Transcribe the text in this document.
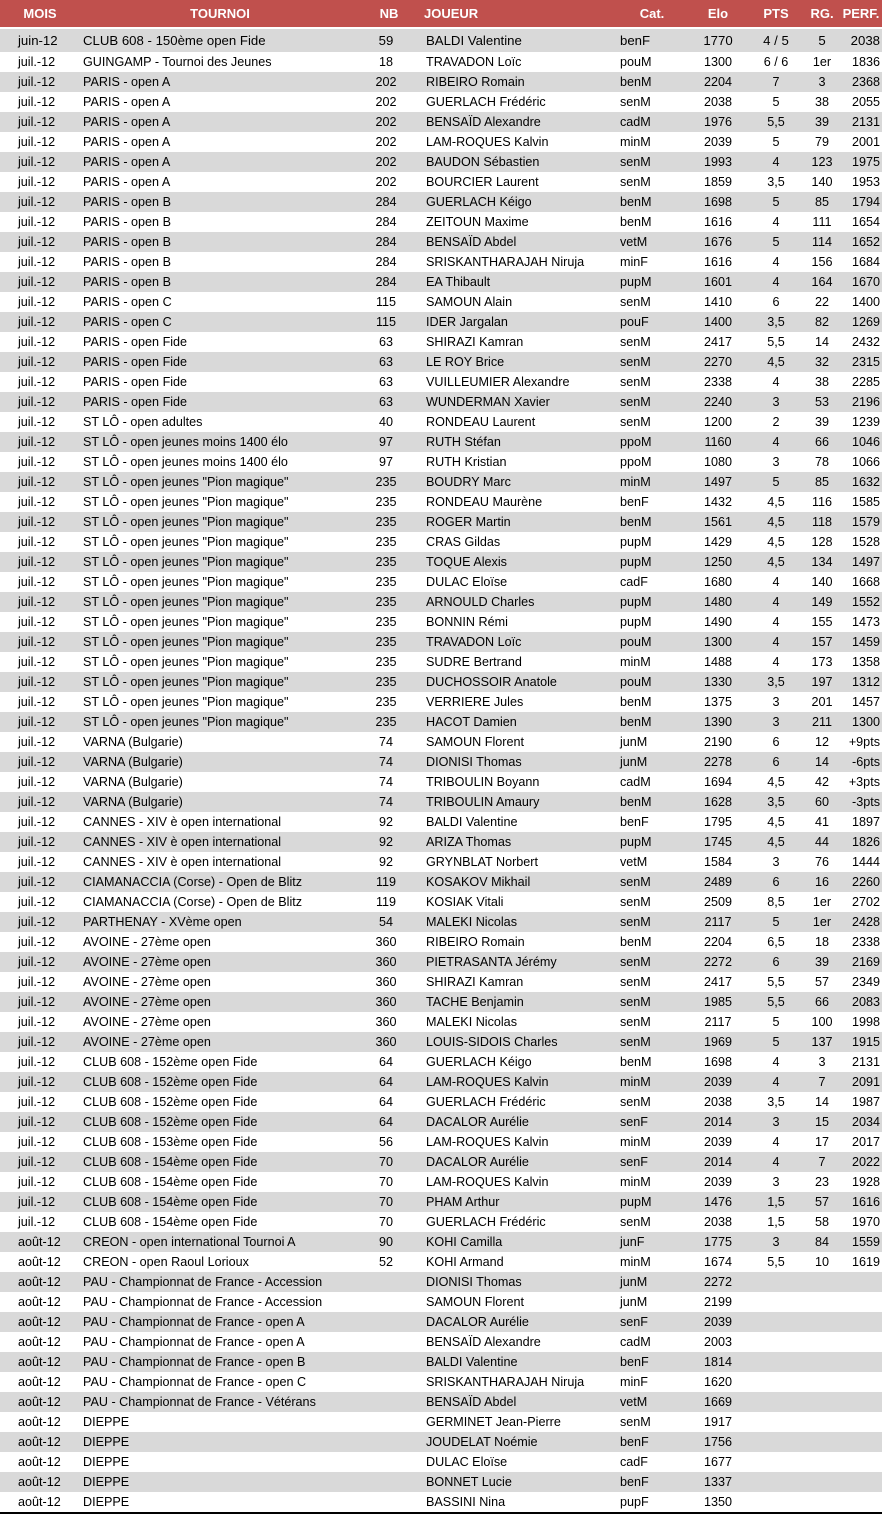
MOIS	TOURNOI	NB	JOUEUR	Cat.	Elo	PTS	RG.	PERF.
juin-12	CLUB 608 - 150ème open Fide	59	BALDI Valentine	benF	1770	4 / 5	5	2038
juil.-12	GUINGAMP - Tournoi des Jeunes	18	TRAVADON Loïc	pouM	1300	6 / 6	1er	1836
juil.-12	PARIS - open A	202	RIBEIRO Romain	benM	2204	7	3	2368
juil.-12	PARIS - open A	202	GUERLACH Frédéric	senM	2038	5	38	2055
juil.-12	PARIS - open A	202	BENSAÏD Alexandre	cadM	1976	5,5	39	2131
juil.-12	PARIS - open A	202	LAM-ROQUES Kalvin	minM	2039	5	79	2001
juil.-12	PARIS - open A	202	BAUDON Sébastien	senM	1993	4	123	1975
juil.-12	PARIS - open A	202	BOURCIER Laurent	senM	1859	3,5	140	1953
juil.-12	PARIS - open B	284	GUERLACH Kéigo	benM	1698	5	85	1794
juil.-12	PARIS - open B	284	ZEITOUN Maxime	benM	1616	4	111	1654
juil.-12	PARIS - open B	284	BENSAÏD Abdel	vetM	1676	5	114	1652
juil.-12	PARIS - open B	284	SRISKANTHARAJAH Niruja	minF	1616	4	156	1684
juil.-12	PARIS - open B	284	EA Thibault	pupM	1601	4	164	1670
juil.-12	PARIS - open C	115	SAMOUN Alain	senM	1410	6	22	1400
juil.-12	PARIS - open C	115	IDER Jargalan	pouF	1400	3,5	82	1269
juil.-12	PARIS - open Fide	63	SHIRAZI Kamran	senM	2417	5,5	14	2432
juil.-12	PARIS - open Fide	63	LE ROY Brice	senM	2270	4,5	32	2315
juil.-12	PARIS - open Fide	63	VUILLEUMIER Alexandre	senM	2338	4	38	2285
juil.-12	PARIS - open Fide	63	WUNDERMAN Xavier	senM	2240	3	53	2196
juil.-12	ST LÔ - open adultes	40	RONDEAU Laurent	senM	1200	2	39	1239
juil.-12	ST LÔ - open jeunes moins 1400 élo	97	RUTH Stéfan	ppoM	1160	4	66	1046
juil.-12	ST LÔ - open jeunes moins 1400 élo	97	RUTH Kristian	ppoM	1080	3	78	1066
juil.-12	ST LÔ - open jeunes "Pion magique"	235	BOUDRY Marc	minM	1497	5	85	1632
juil.-12	ST LÔ - open jeunes "Pion magique"	235	RONDEAU Maurène	benF	1432	4,5	116	1585
juil.-12	ST LÔ - open jeunes "Pion magique"	235	ROGER Martin	benM	1561	4,5	118	1579
juil.-12	ST LÔ - open jeunes "Pion magique"	235	CRAS Gildas	pupM	1429	4,5	128	1528
juil.-12	ST LÔ - open jeunes "Pion magique"	235	TOQUE Alexis	pupM	1250	4,5	134	1497
juil.-12	ST LÔ - open jeunes "Pion magique"	235	DULAC Eloïse	cadF	1680	4	140	1668
juil.-12	ST LÔ - open jeunes "Pion magique"	235	ARNOULD Charles	pupM	1480	4	149	1552
juil.-12	ST LÔ - open jeunes "Pion magique"	235	BONNIN Rémi	pupM	1490	4	155	1473
juil.-12	ST LÔ - open jeunes "Pion magique"	235	TRAVADON Loïc	pouM	1300	4	157	1459
juil.-12	ST LÔ - open jeunes "Pion magique"	235	SUDRE Bertrand	minM	1488	4	173	1358
juil.-12	ST LÔ - open jeunes "Pion magique"	235	DUCHOSSOIR Anatole	pouM	1330	3,5	197	1312
juil.-12	ST LÔ - open jeunes "Pion magique"	235	VERRIERE Jules	benM	1375	3	201	1457
juil.-12	ST LÔ - open jeunes "Pion magique"	235	HACOT Damien	benM	1390	3	211	1300
juil.-12	VARNA (Bulgarie)	74	SAMOUN Florent	junM	2190	6	12	+9pts
juil.-12	VARNA (Bulgarie)	74	DIONISI Thomas	junM	2278	6	14	-6pts
juil.-12	VARNA (Bulgarie)	74	TRIBOULIN Boyann	cadM	1694	4,5	42	+3pts
juil.-12	VARNA (Bulgarie)	74	TRIBOULIN Amaury	benM	1628	3,5	60	-3pts
juil.-12	CANNES - XIV è open international	92	BALDI Valentine	benF	1795	4,5	41	1897
juil.-12	CANNES - XIV è open international	92	ARIZA Thomas	pupM	1745	4,5	44	1826
juil.-12	CANNES - XIV è open international	92	GRYNBLAT Norbert	vetM	1584	3	76	1444
juil.-12	CIAMANACCIA (Corse) - Open de Blitz	119	KOSAKOV Mikhail	senM	2489	6	16	2260
juil.-12	CIAMANACCIA (Corse) - Open de Blitz	119	KOSIAK Vitali	senM	2509	8,5	1er	2702
juil.-12	PARTHENAY - XVème open	54	MALEKI Nicolas	senM	2117	5	1er	2428
juil.-12	AVOINE - 27ème open	360	RIBEIRO Romain	benM	2204	6,5	18	2338
juil.-12	AVOINE - 27ème open	360	PIETRASANTA Jérémy	senM	2272	6	39	2169
juil.-12	AVOINE - 27ème open	360	SHIRAZI Kamran	senM	2417	5,5	57	2349
juil.-12	AVOINE - 27ème open	360	TACHE Benjamin	senM	1985	5,5	66	2083
juil.-12	AVOINE - 27ème open	360	MALEKI Nicolas	senM	2117	5	100	1998
juil.-12	AVOINE - 27ème open	360	LOUIS-SIDOIS Charles	senM	1969	5	137	1915
juil.-12	CLUB 608 - 152ème open Fide	64	GUERLACH Kéigo	benM	1698	4	3	2131
juil.-12	CLUB 608 - 152ème open Fide	64	LAM-ROQUES Kalvin	minM	2039	4	7	2091
juil.-12	CLUB 608 - 152ème open Fide	64	GUERLACH Frédéric	senM	2038	3,5	14	1987
juil.-12	CLUB 608 - 152ème open Fide	64	DACALOR Aurélie	senF	2014	3	15	2034
juil.-12	CLUB 608 - 153ème open Fide	56	LAM-ROQUES Kalvin	minM	2039	4	17	2017
juil.-12	CLUB 608 - 154ème open Fide	70	DACALOR Aurélie	senF	2014	4	7	2022
juil.-12	CLUB 608 - 154ème open Fide	70	LAM-ROQUES Kalvin	minM	2039	3	23	1928
juil.-12	CLUB 608 - 154ème open Fide	70	PHAM Arthur	pupM	1476	1,5	57	1616
juil.-12	CLUB 608 - 154ème open Fide	70	GUERLACH Frédéric	senM	2038	1,5	58	1970
août-12	CREON - open international Tournoi A	90	KOHI Camilla	junF	1775	3	84	1559
août-12	CREON - open Raoul Lorioux	52	KOHI Armand	minM	1674	5,5	10	1619
août-12	PAU - Championnat de France - Accession		DIONISI Thomas	junM	2272			
août-12	PAU - Championnat de France - Accession		SAMOUN Florent	junM	2199			
août-12	PAU - Championnat de France - open A		DACALOR Aurélie	senF	2039			
août-12	PAU - Championnat de France - open A		BENSAÏD Alexandre	cadM	2003			
août-12	PAU - Championnat de France - open B		BALDI Valentine	benF	1814			
août-12	PAU - Championnat de France - open C		SRISKANTHARAJAH Niruja	minF	1620			
août-12	PAU - Championnat de France - Vétérans		BENSAÏD Abdel	vetM	1669			
août-12	DIEPPE		GERMINET Jean-Pierre	senM	1917			
août-12	DIEPPE		JOUDELAT Noémie	benF	1756			
août-12	DIEPPE		DULAC Eloïse	cadF	1677			
août-12	DIEPPE		BONNET Lucie	benF	1337			
août-12	DIEPPE		BASSINI Nina	pupF	1350			
